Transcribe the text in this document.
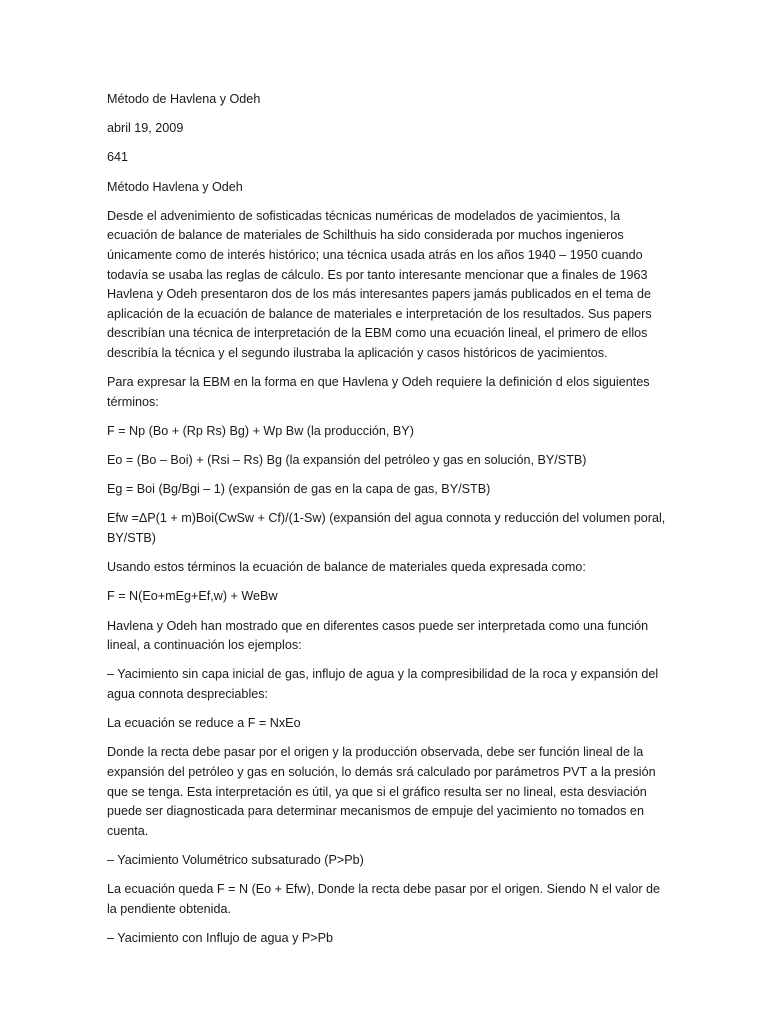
Método de Havlena y Odeh

abril 19, 2009

641

Método Havlena y Odeh

Desde el advenimiento de sofisticadas técnicas numéricas de modelados de yacimientos, la ecuación de balance de materiales de Schilthuis ha sido considerada por muchos ingenieros únicamente como de interés histórico; una técnica usada atrás en los años 1940 – 1950 cuando todavía se usaba las reglas de cálculo. Es por tanto interesante mencionar que a finales de 1963 Havlena y Odeh presentaron dos de los más interesantes papers jamás publicados en el tema de aplicación de la ecuación de balance de materiales e interpretación de los resultados. Sus papers describían una técnica de interpretación de la EBM como una ecuación lineal, el primero de ellos describía la técnica y el segundo ilustraba la aplicación y casos históricos de yacimientos.

Para expresar la EBM en la forma en que Havlena y Odeh requiere la definición d elos siguientes términos:

F = Np (Bo + (Rp Rs) Bg) + Wp Bw (la producción, BY)

Eo = (Bo – Boi) + (Rsi – Rs) Bg (la expansión del petróleo y gas en solución, BY/STB)

Eg = Boi (Bg/Bgi – 1) (expansión de gas en la capa de gas, BY/STB)

Efw =ΔP(1 + m)Boi(CwSw + Cf)/(1-Sw) (expansión del agua connota y reducción del volumen poral, BY/STB)

Usando estos términos la ecuación de balance de materiales queda expresada como:

F = N(Eo+mEg+Ef,w) + WeBw

Havlena y Odeh han mostrado que en diferentes casos puede ser interpretada como una función lineal, a continuación los ejemplos:

– Yacimiento sin capa inicial de gas, influjo de agua y la compresibilidad de la roca y expansión del agua connota despreciables:

La ecuación se reduce a F = NxEo

Donde la recta debe pasar por el origen y la producción observada, debe ser función lineal de la expansión del petróleo y gas en solución, lo demás srá calculado por parámetros PVT a la presión que se tenga. Esta interpretación es útil, ya que si el gráfico resulta ser no lineal, esta desviación puede ser diagnosticada para determinar mecanismos de empuje del yacimiento no tomados en cuenta.

– Yacimiento Volumétrico subsaturado (P>Pb)

La ecuación queda F = N (Eo + Efw), Donde la recta debe pasar por el origen. Siendo N el valor de la pendiente obtenida.

– Yacimiento con Influjo de agua y P>Pb
